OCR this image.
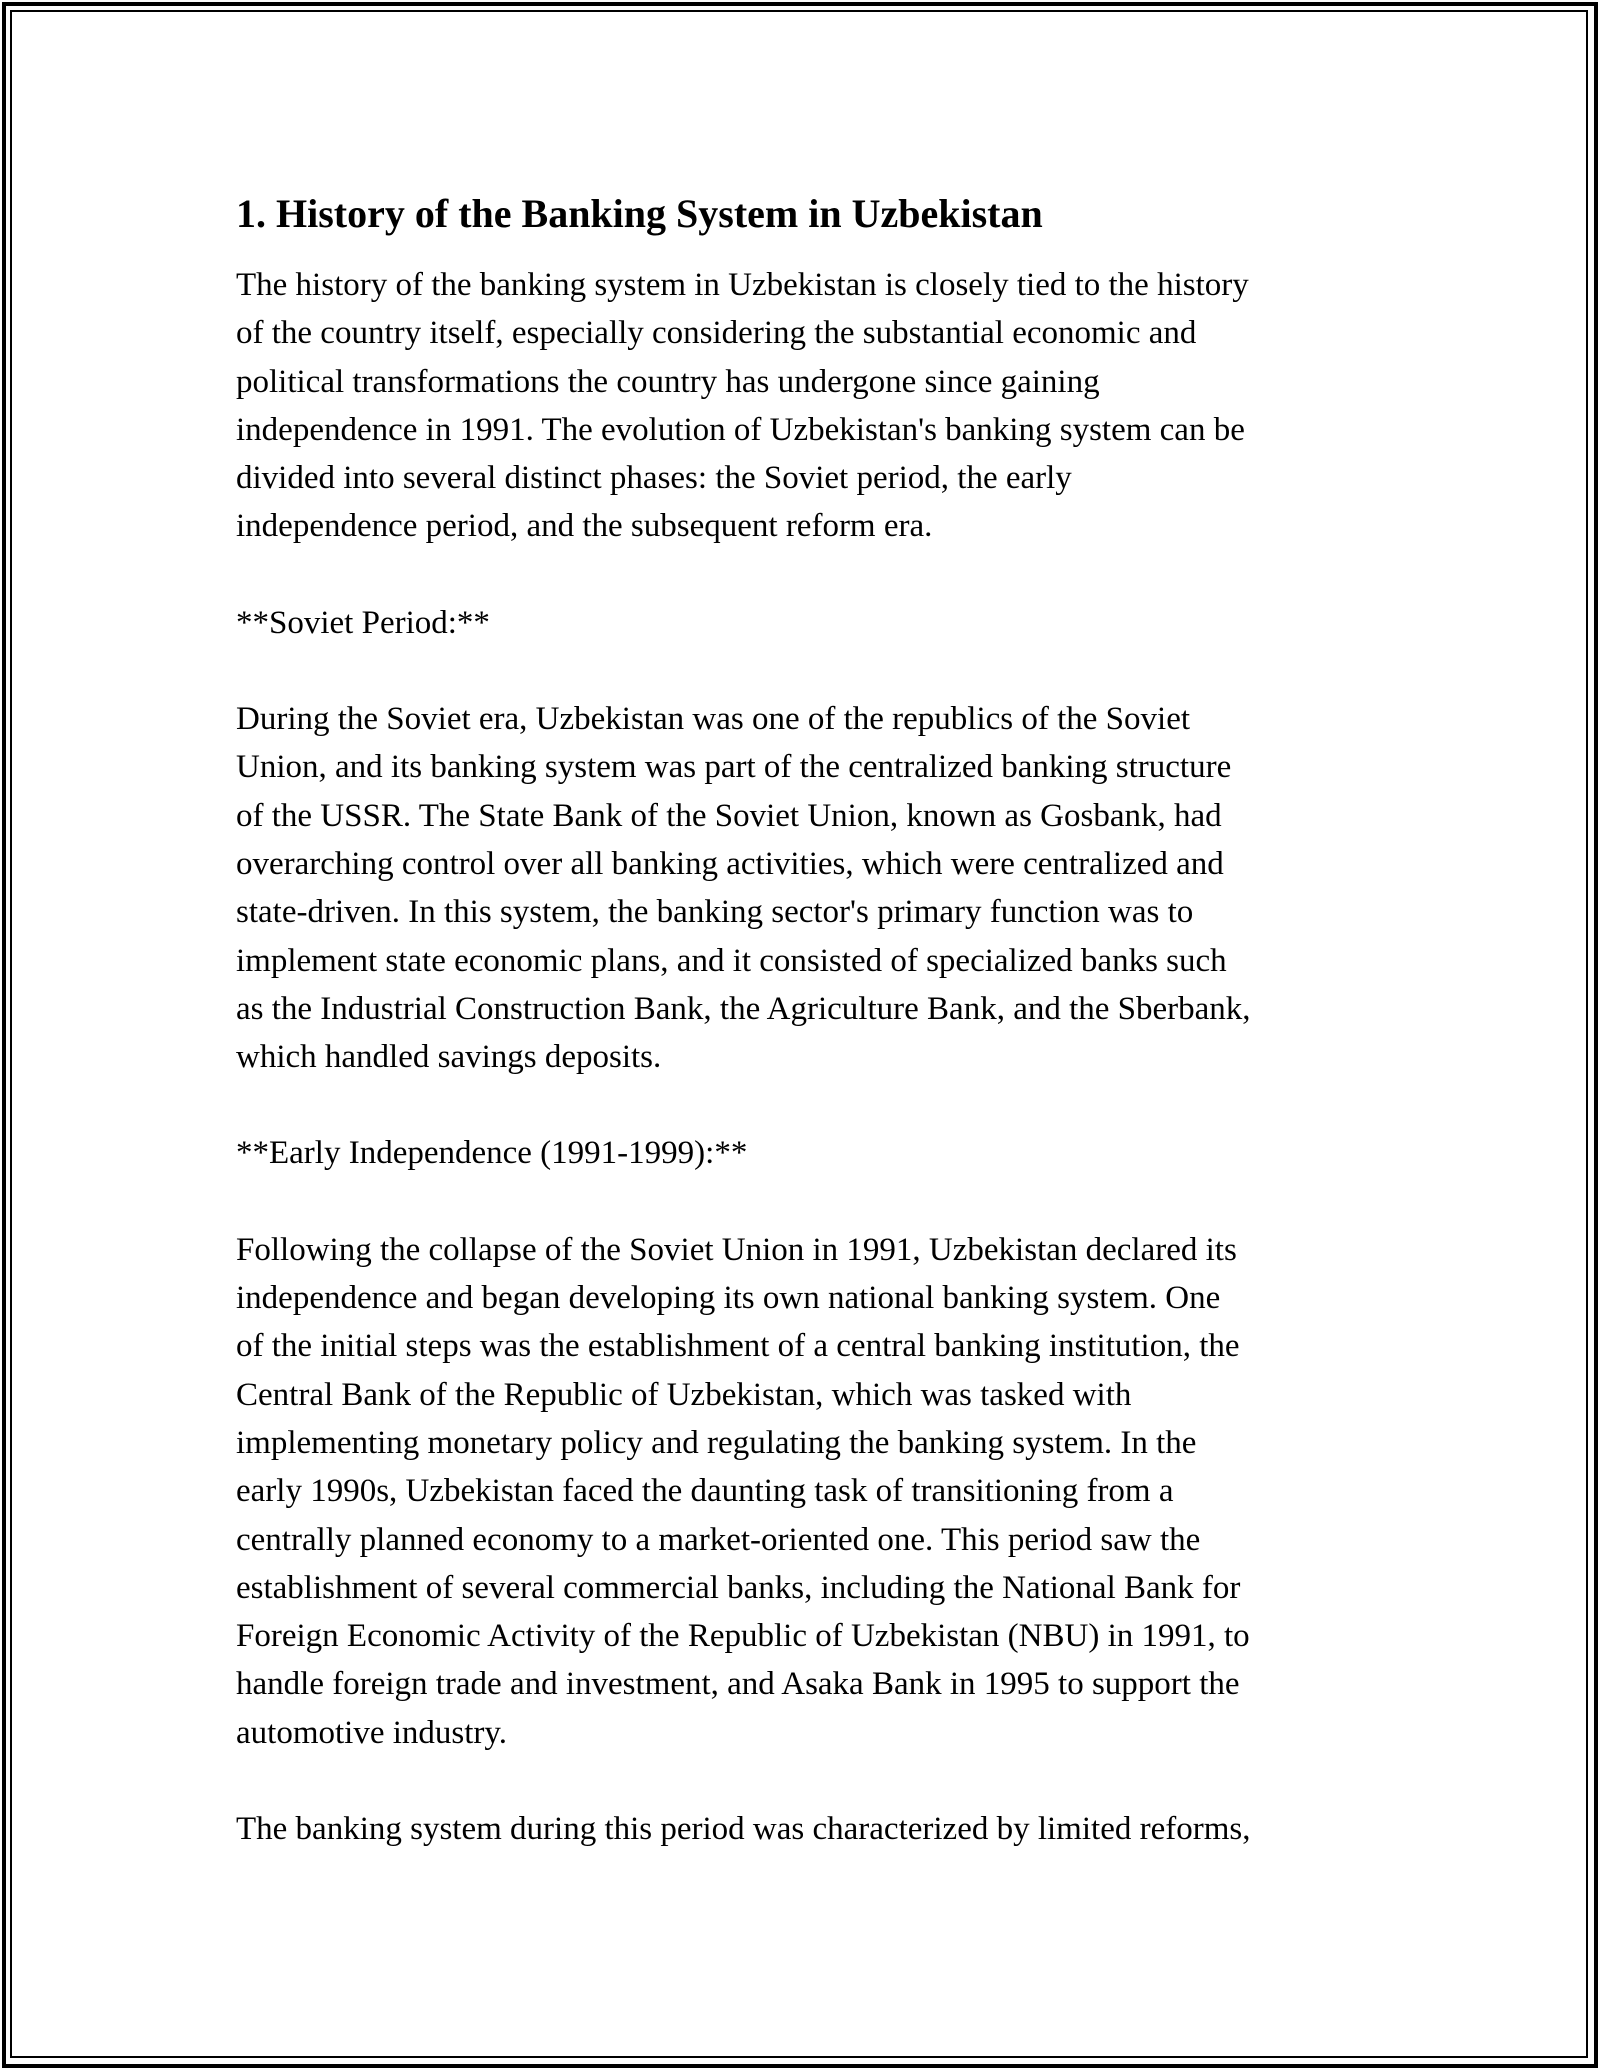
1. History of the Banking System in Uzbekistan

The history of the banking system in Uzbekistan is closely tied to the history
of the country itself, especially considering the substantial economic and
political transformations the country has undergone since gaining
independence in 1991. The evolution of Uzbekistan's banking system can be
divided into several distinct phases: the Soviet period, the early
independence period, and the subsequent reform era.

**Soviet Period:**

During the Soviet era, Uzbekistan was one of the republics of the Soviet
Union, and its banking system was part of the centralized banking structure
of the USSR. The State Bank of the Soviet Union, known as Gosbank, had
overarching control over all banking activities, which were centralized and
state-driven. In this system, the banking sector's primary function was to
implement state economic plans, and it consisted of specialized banks such
as the Industrial Construction Bank, the Agriculture Bank, and the Sberbank,
which handled savings deposits.

**Early Independence (1991-1999):**

Following the collapse of the Soviet Union in 1991, Uzbekistan declared its
independence and began developing its own national banking system. One
of the initial steps was the establishment of a central banking institution, the
Central Bank of the Republic of Uzbekistan, which was tasked with
implementing monetary policy and regulating the banking system. In the
early 1990s, Uzbekistan faced the daunting task of transitioning from a
centrally planned economy to a market-oriented one. This period saw the
establishment of several commercial banks, including the National Bank for
Foreign Economic Activity of the Republic of Uzbekistan (NBU) in 1991, to
handle foreign trade and investment, and Asaka Bank in 1995 to support the
automotive industry.

The banking system during this period was characterized by limited reforms,
